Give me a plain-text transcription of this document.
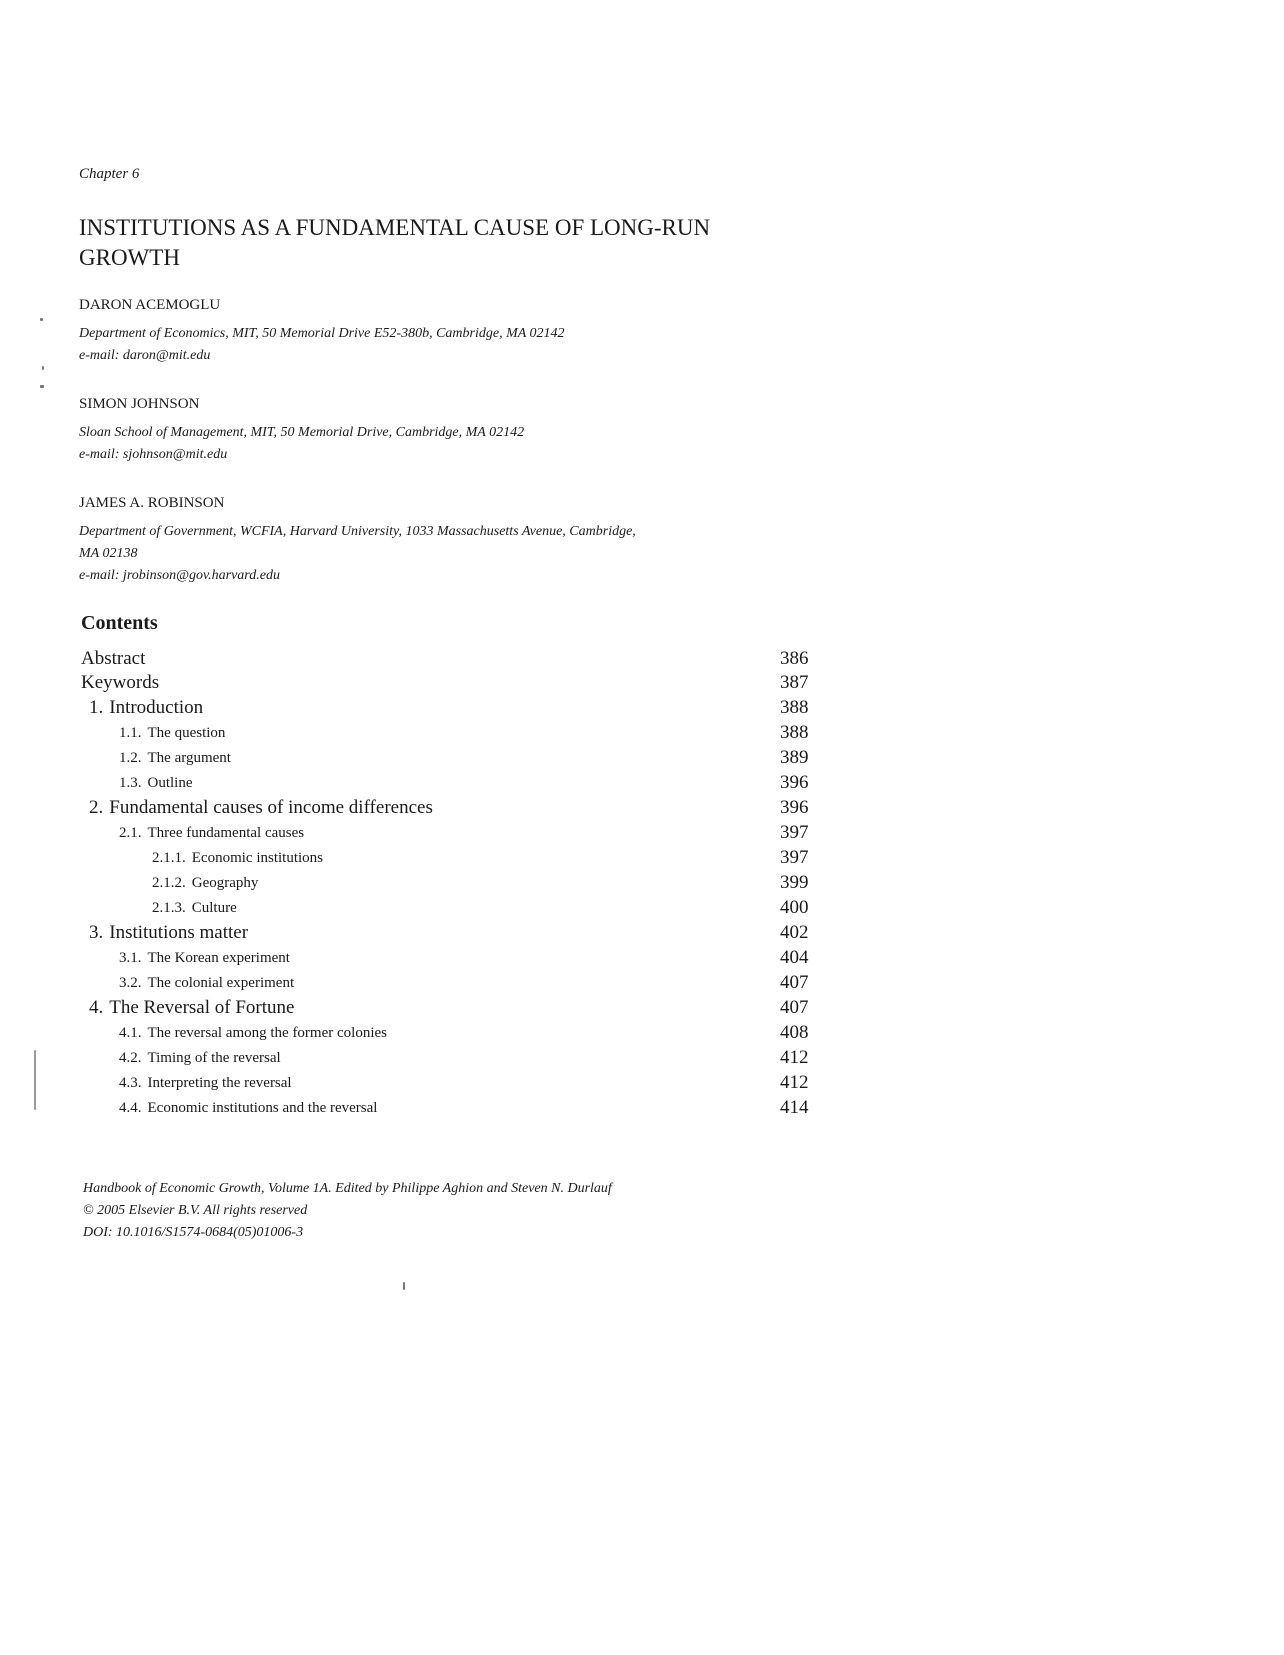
Chapter 6

INSTITUTIONS AS A FUNDAMENTAL CAUSE OF LONG-RUN
GROWTH

DARON ACEMOGLU

Department of Economics, MIT, 50 Memorial Drive E52-380b, Cambridge, MA 02142
e-mail: daron@mit.edu

SIMON JOHNSON

Sloan School of Management, MIT, 50 Memorial Drive, Cambridge, MA 02142
e-mail: sjohnson@mit.edu

JAMES A. ROBINSON

Department of Government, WCFIA, Harvard University, 1033 Massachusetts Avenue, Cambridge,
MA 02138
e-mail: jrobinson@gov.harvard.edu

Contents

Abstract	386
Keywords	387
1. Introduction	388
1.1. The question	388
1.2. The argument	389
1.3. Outline	396
2. Fundamental causes of income differences	396
2.1. Three fundamental causes	397
2.1.1. Economic institutions	397
2.1.2. Geography	399
2.1.3. Culture	400
3. Institutions matter	402
3.1. The Korean experiment	404
3.2. The colonial experiment	407
4. The Reversal of Fortune	407
4.1. The reversal among the former colonies	408
4.2. Timing of the reversal	412
4.3. Interpreting the reversal	412
4.4. Economic institutions and the reversal	414
Handbook of Economic Growth, Volume 1A. Edited by Philippe Aghion and Steven N. Durlauf
© 2005 Elsevier B.V. All rights reserved
DOI: 10.1016/S1574-0684(05)01006-3
